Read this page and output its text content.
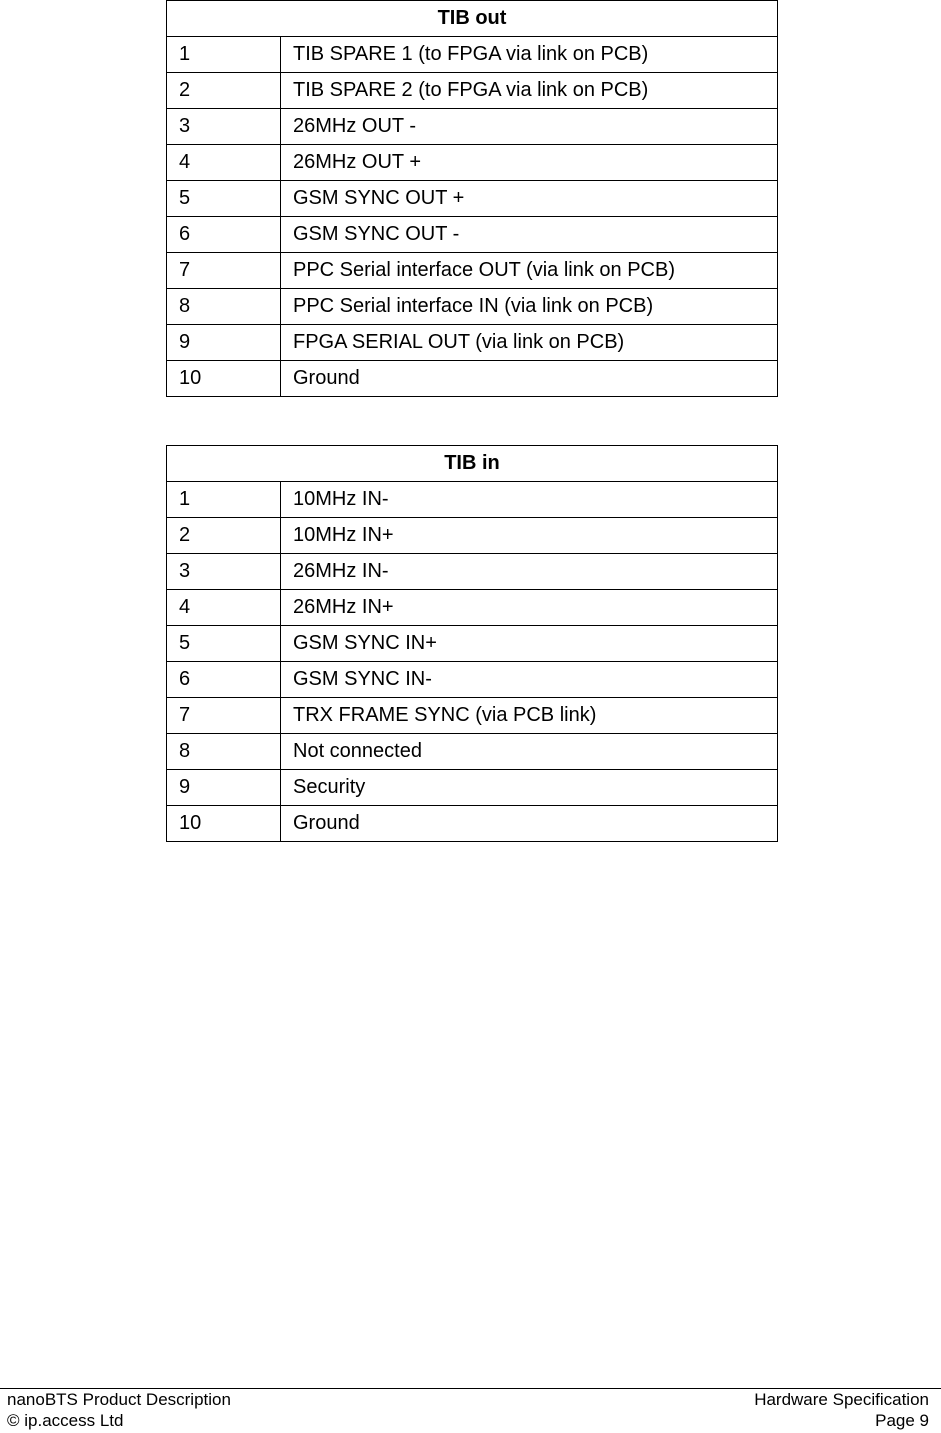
TIB out	
1	TIB SPARE 1 (to FPGA via link on PCB)
2	TIB SPARE 2 (to FPGA via link on PCB)
3	26MHz OUT -
4	26MHz OUT +
5	GSM SYNC OUT +
6	GSM SYNC OUT -
7	PPC Serial interface OUT (via link on PCB)
8	PPC Serial interface IN (via link on PCB)
9	FPGA SERIAL OUT (via link on PCB)
10	Ground
TIB in	
1	10MHz IN-
2	10MHz IN+
3	26MHz IN-
4	26MHz IN+
5	GSM SYNC IN+
6	GSM SYNC IN-
7	TRX FRAME SYNC (via PCB link)
8	Not connected
9	Security
10	Ground
nanoBTS Product Description	Hardware Specification
© ip.access Ltd	Page 9
